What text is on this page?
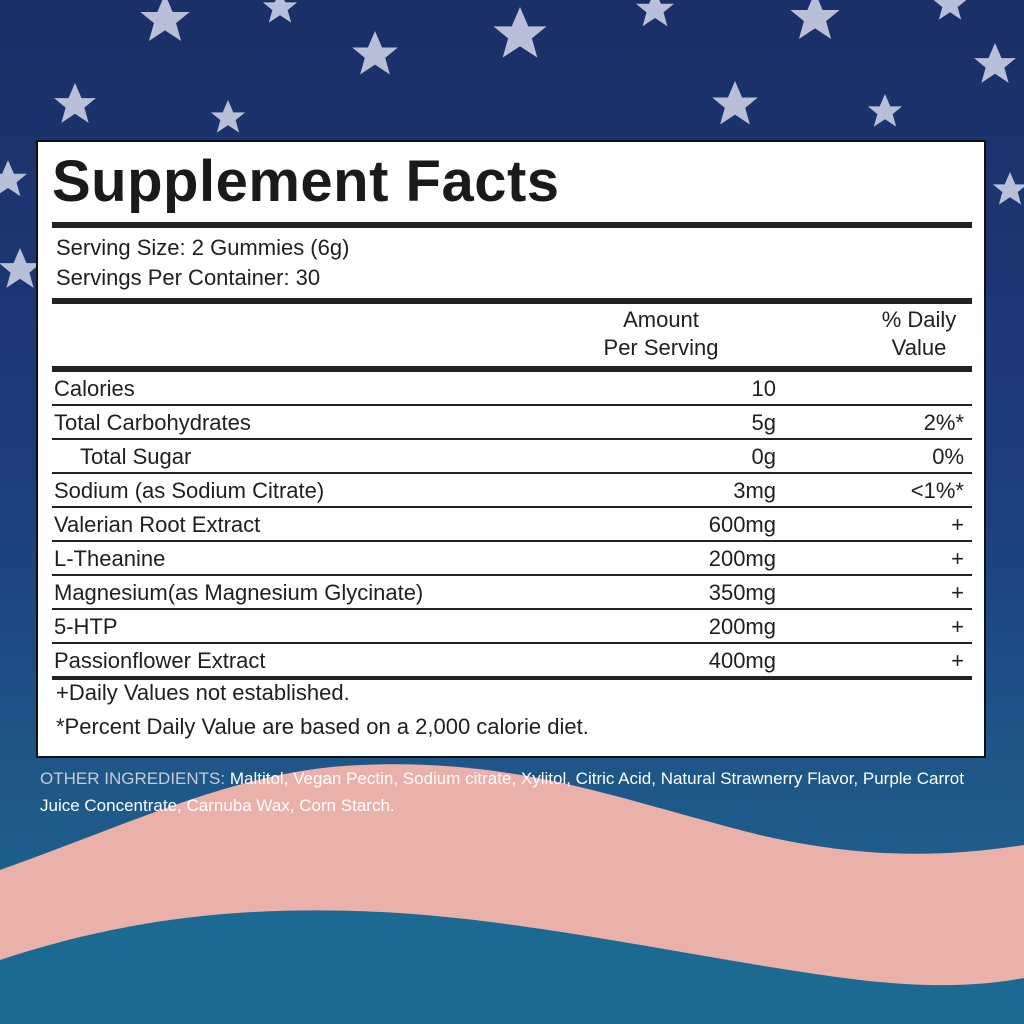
Supplement Facts
Serving Size: 2 Gummies (6g)
Servings Per Container: 30
Amount
Per Serving
% Daily
Value
Calories	10
Total Carbohydrates	5g	2%*
Total Sugar	0g	0%
Sodium (as Sodium Citrate)	3mg	<1%*
Valerian Root Extract	600mg	+
L-Theanine	200mg	+
Magnesium(as Magnesium Glycinate)	350mg	+
5-HTP	200mg	+
Passionflower Extract	400mg	+
+Daily Values not established.
*Percent Daily Value are based on a 2,000 calorie diet.
OTHER INGREDIENTS: Maltitol, Vegan Pectin, Sodium citrate, Xylitol, Citric Acid, Natural Strawnerry Flavor, Purple Carrot Juice Concentrate, Carnuba Wax, Corn Starch.
